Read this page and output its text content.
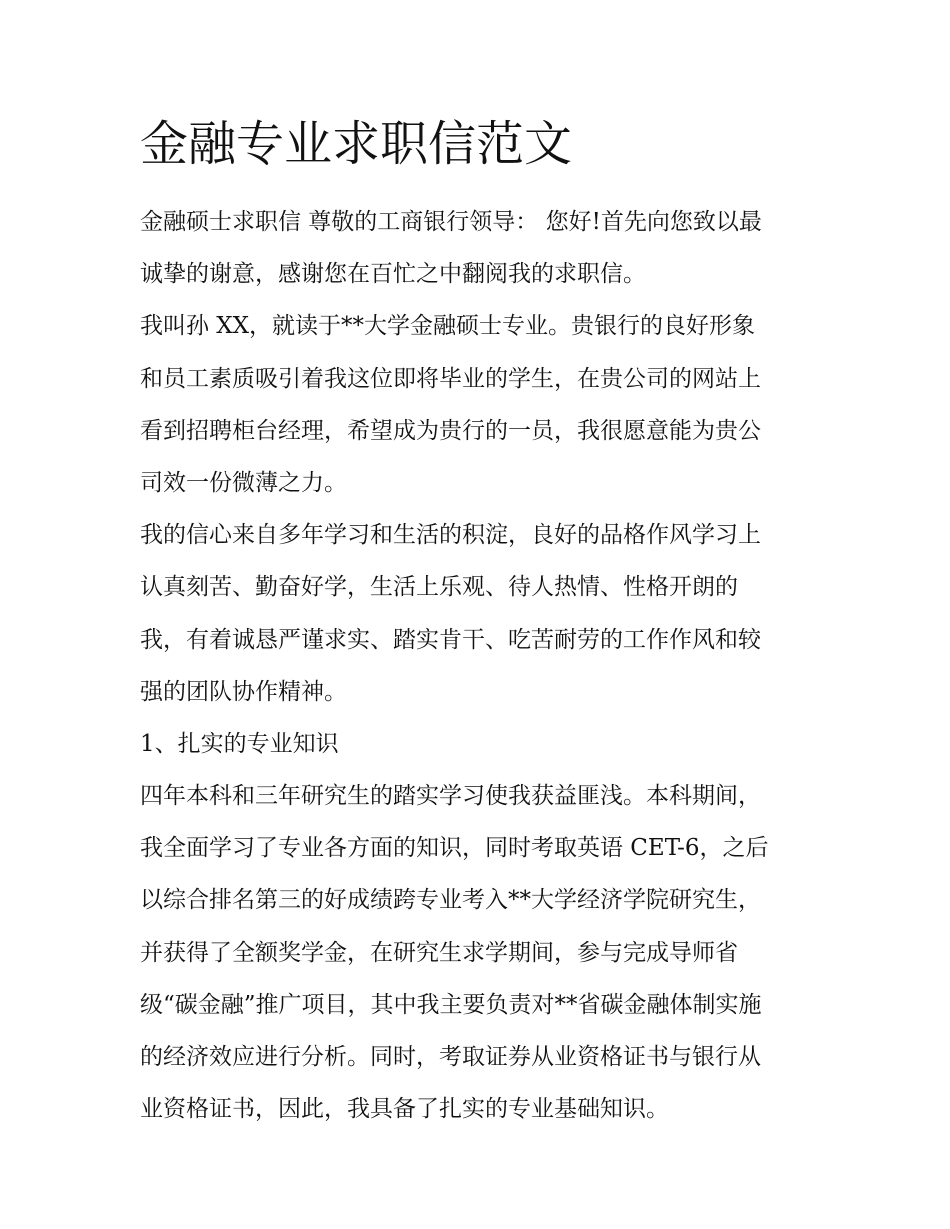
金融专业求职信范文

金融硕士求职信 尊敬的工商银行领导： 您好!首先向您致以最
诚挚的谢意，感谢您在百忙之中翻阅我的求职信。

我叫孙 XX，就读于**大学金融硕士专业。贵银行的良好形象
和员工素质吸引着我这位即将毕业的学生，在贵公司的网站上
看到招聘柜台经理，希望成为贵行的一员，我很愿意能为贵公
司效一份微薄之力。

我的信心来自多年学习和生活的积淀，良好的品格作风学习上
认真刻苦、勤奋好学，生活上乐观、待人热情、性格开朗的
我，有着诚恳严谨求实、踏实肯干、吃苦耐劳的工作作风和较
强的团队协作精神。

1、扎实的专业知识

四年本科和三年研究生的踏实学习使我获益匪浅。本科期间，
我全面学习了专业各方面的知识，同时考取英语 CET-6，之后
以综合排名第三的好成绩跨专业考入**大学经济学院研究生，
并获得了全额奖学金，在研究生求学期间，参与完成导师省
级“碳金融”推广项目，其中我主要负责对**省碳金融体制实施
的经济效应进行分析。同时，考取证券从业资格证书与银行从
业资格证书，因此，我具备了扎实的专业基础知识。
